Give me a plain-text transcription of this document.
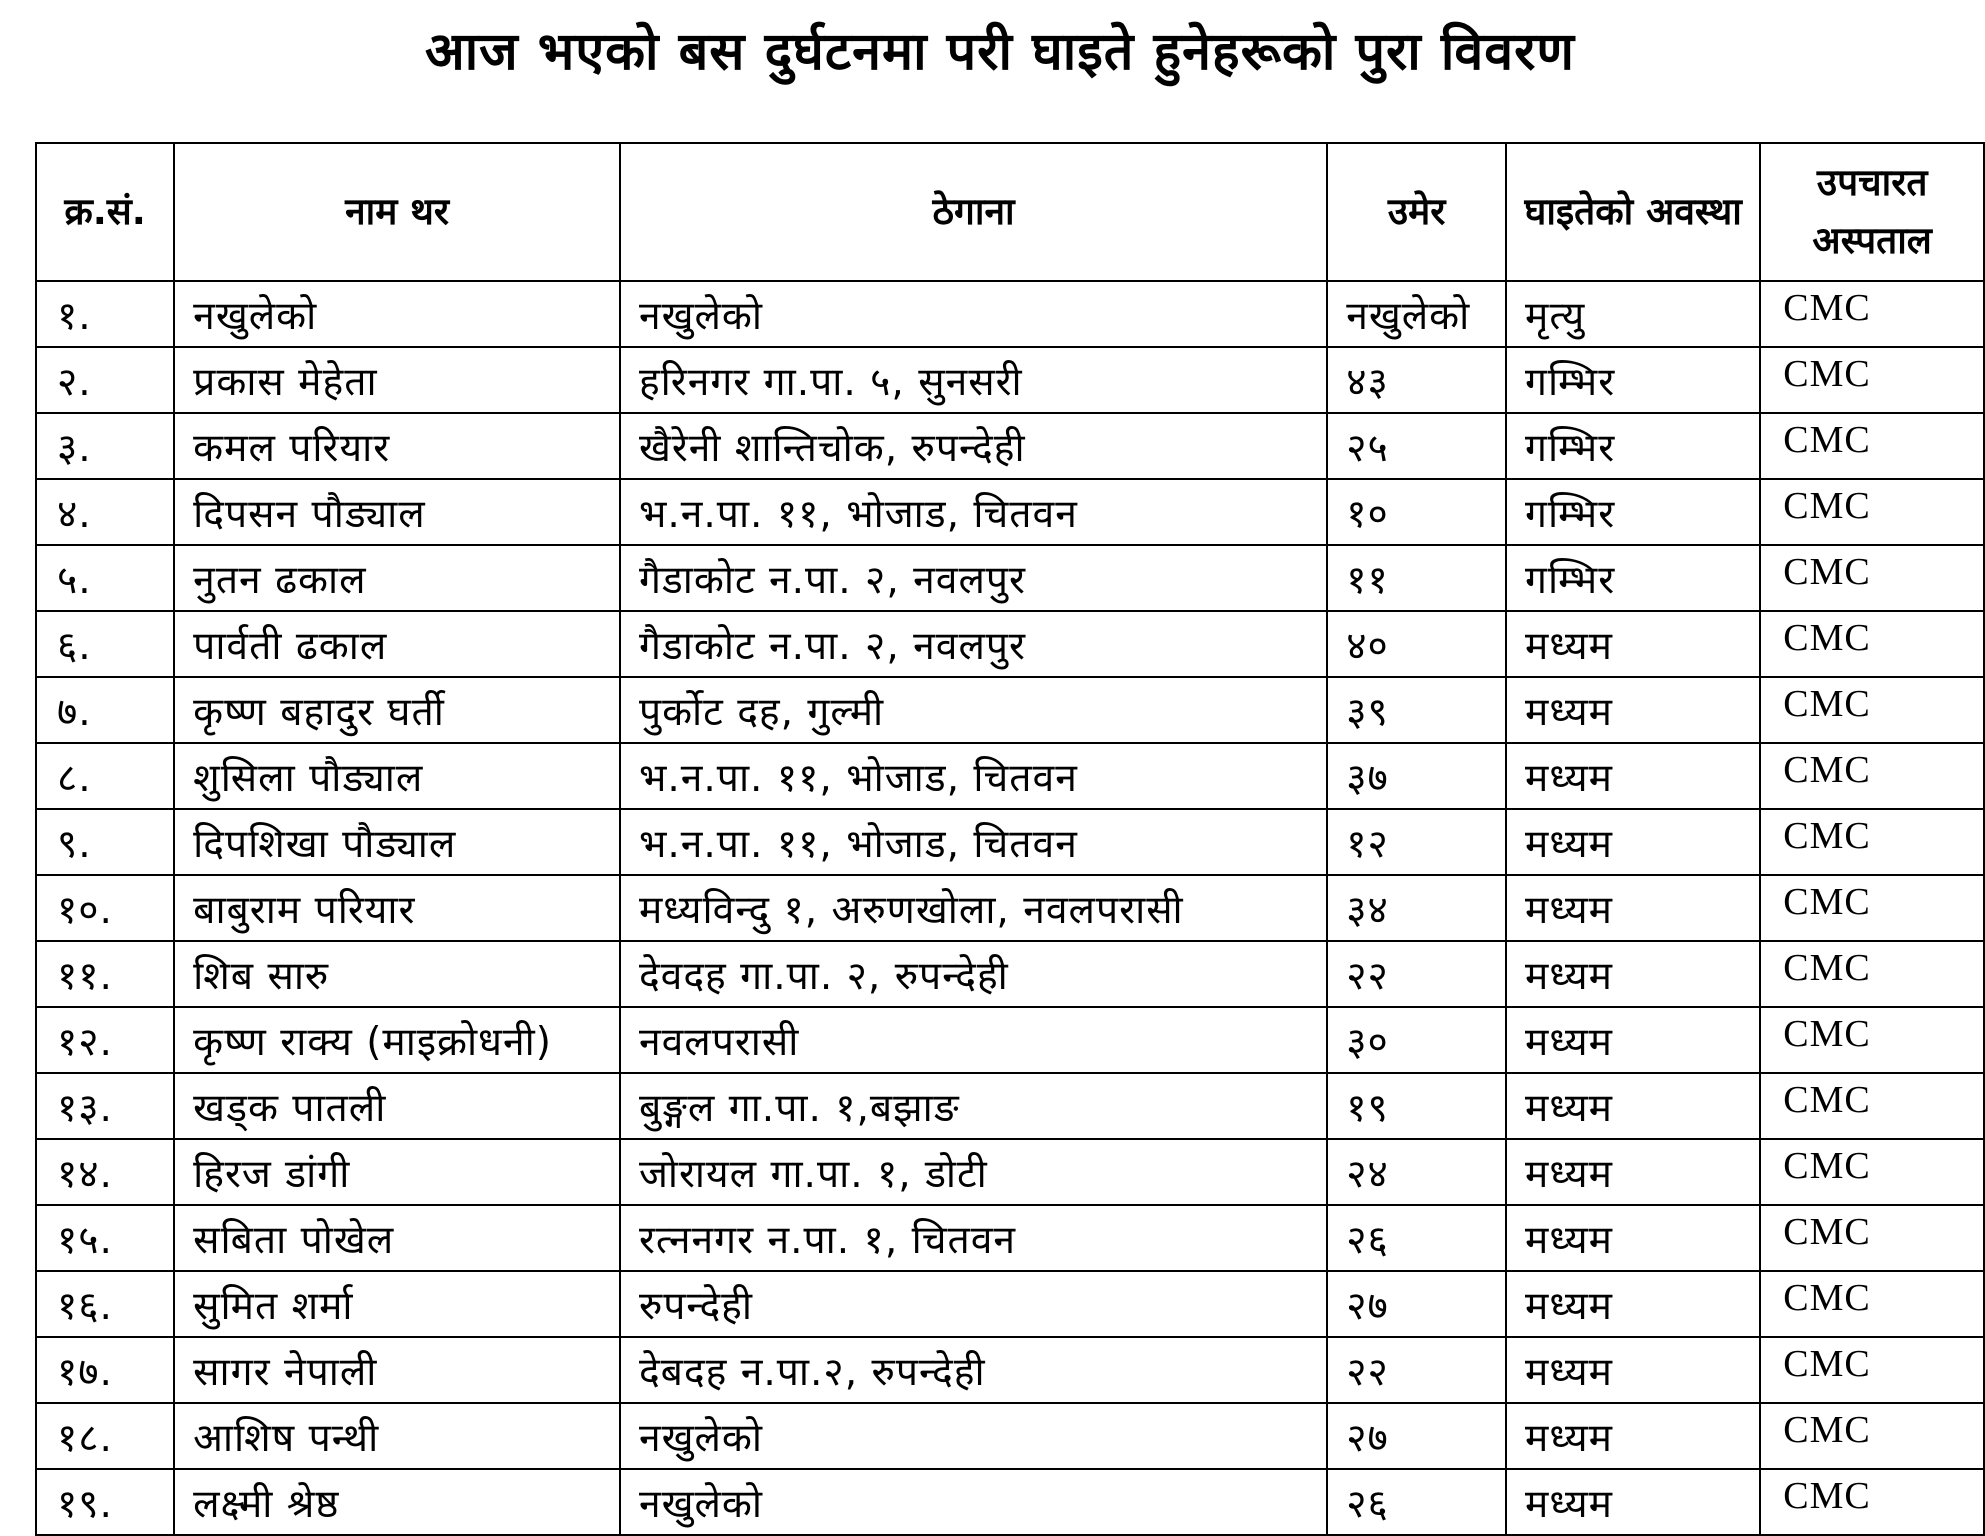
आज भएको बस दुर्घटनमा परी घाइते हुनेहरूको पुरा विवरण
क्र.सं.	नाम थर	ठेगाना	उमेर	घाइतेको अवस्था	उपचारत अस्पताल
१.	नखुलेको	नखुलेको	नखुलेको	मृत्यु	CMC
२.	प्रकास मेहेता	हरिनगर गा.पा. ५, सुनसरी	४३	गम्भिर	CMC
३.	कमल परियार	खैरेनी शान्तिचोक, रुपन्देही	२५	गम्भिर	CMC
४.	दिपसन पौड्याल	भ.न.पा. ११, भोजाड, चितवन	१०	गम्भिर	CMC
५.	नुतन ढकाल	गैडाकोट न.पा. २, नवलपुर	११	गम्भिर	CMC
६.	पार्वती ढकाल	गैडाकोट न.पा. २, नवलपुर	४०	मध्यम	CMC
७.	कृष्ण बहादुर घर्ती	पुर्कोट दह, गुल्मी	३९	मध्यम	CMC
८.	शुसिला पौड्याल	भ.न.पा. ११, भोजाड, चितवन	३७	मध्यम	CMC
९.	दिपशिखा पौड्याल	भ.न.पा. ११, भोजाड, चितवन	१२	मध्यम	CMC
१०.	बाबुराम परियार	मध्यविन्दु १, अरुणखोला, नवलपरासी	३४	मध्यम	CMC
११.	शिब सारु	देवदह गा.पा. २, रुपन्देही	२२	मध्यम	CMC
१२.	कृष्ण राक्य (माइक्रोधनी)	नवलपरासी	३०	मध्यम	CMC
१३.	खड्क पातली	बुङ्गल गा.पा. १,बझाङ	१९	मध्यम	CMC
१४.	हिरज डांगी	जोरायल गा.पा. १, डोटी	२४	मध्यम	CMC
१५.	सबिता पोखेल	रत्ननगर न.पा. १, चितवन	२६	मध्यम	CMC
१६.	सुमित शर्मा	रुपन्देही	२७	मध्यम	CMC
१७.	सागर नेपाली	देबदह न.पा.२, रुपन्देही	२२	मध्यम	CMC
१८.	आशिष पन्थी	नखुलेको	२७	मध्यम	CMC
१९.	लक्ष्मी श्रेष्ठ	नखुलेको	२६	मध्यम	CMC
